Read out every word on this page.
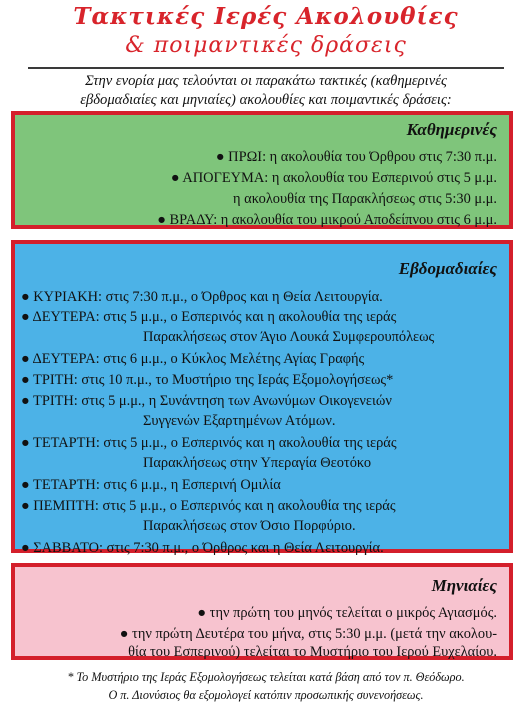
Τακτικές Ιερές Ακολουθίες
& ποιμαντικές δράσεις
Στην ενορία μας τελούνται οι παρακάτω τακτικές (καθημερινές
εβδομαδιαίες και μηνιαίες) ακολουθίες και ποιμαντικές δράσεις:
Καθημερινές
● ΠΡΩΙ: η ακολουθία του Όρθρου στις 7:30 π.μ.
● ΑΠΟΓΕΥΜΑ: η ακολουθία του Εσπερινού στις 5 μ.μ.
η ακολουθία της Παρακλήσεως στις 5:30 μ.μ.
● ΒΡΑΔΥ: η ακολουθία του μικρού Αποδείπνου στις 6 μ.μ.
Εβδομαδιαίες
● ΚΥΡΙΑΚΗ: στις 7:30 π.μ., ο Όρθρος και η Θεία Λειτουργία.
● ΔΕΥΤΕΡΑ: στις 5 μ.μ., ο Εσπερινός και η ακολουθία της ιεράς
Παρακλήσεως στον Άγιο Λουκά Συμφερουπόλεως
● ΔΕΥΤΕΡΑ: στις 6 μ.μ., ο Κύκλος Μελέτης Αγίας Γραφής
● ΤΡΙΤΗ: στις 10 π.μ., το Μυστήριο της Ιεράς Εξομολογήσεως*
● ΤΡΙΤΗ: στις 5 μ.μ., η Συνάντηση των Ανωνύμων Οικογενειών
Συγγενών Εξαρτημένων Ατόμων.
● ΤΕΤΑΡΤΗ: στις 5 μ.μ., ο Εσπερινός και η ακολουθία της ιεράς
Παρακλήσεως στην Υπεραγία Θεοτόκο
● ΤΕΤΑΡΤΗ: στις 6 μ.μ., η Εσπερινή Ομιλία
● ΠΕΜΠΤΗ: στις 5 μ.μ., ο Εσπερινός και η ακολουθία της ιεράς
Παρακλήσεως στον Όσιο Πορφύριο.
● ΣΑΒΒΑΤΟ: στις 7:30 π.μ., ο Όρθρος και η Θεία Λειτουργία.
Μηνιαίες
● την πρώτη του μηνός τελείται ο μικρός Αγιασμός.
● την πρώτη Δευτέρα του μήνα, στις 5:30 μ.μ. (μετά την ακολου-
θία του Εσπερινού) τελείται το Μυστήριο του Ιερού Ευχελαίου.
* Το Μυστήριο της Ιεράς Εξομολογήσεως τελείται κατά βάση από τον π. Θεόδωρο.
Ο π. Διονύσιος θα εξομολογεί κατόπιν προσωπικής συνενοήσεως.
